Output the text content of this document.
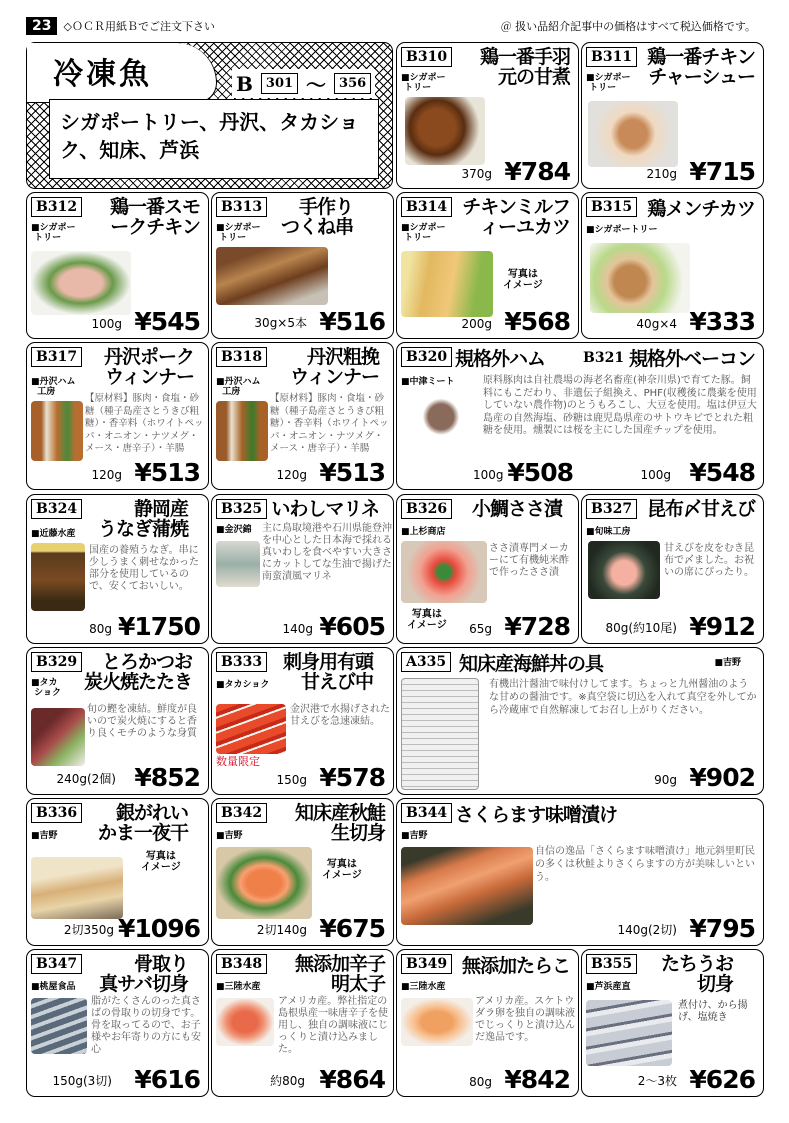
23	◇ＯＣＲ用紙Ｂでご注文下さい	＠ 扱い品紹介記事中の価格はすべて税込価格です。
冷凍魚	B	301 〜	356
シガポートリー、丹沢、タカショク、知床、芦浜
B310 鶏一番手羽
元の甘煮
■シガポー
トリー
370g ¥784
B311 鶏一番チキン
チャーシュー
■シガポー
トリー
210g ¥715
B312 鶏一番スモ
ークチキン
■シガポー
トリー
100g ¥545
B313	手作り
つくね串
■シガポー
トリー
30g×5本 ¥516
B314 チキンミルフ
ィーユカツ
■シガポー
トリー
写真は
イメージ
200g ¥568
B315 鶏メンチカツ
■シガポートリー
40g×4 ¥333
B317 丹沢ポーク
ウィンナー
■丹沢ハム
工房
【原材料】豚肉・食塩・砂糖（種子島産さとうきび粗糖）・香辛料（ホワイトペッパ・オニオン・ナツメグ・メース・唐辛子）・羊腸
120g ¥513
B318	丹沢粗挽
ウィンナー
■丹沢ハム
工房
【原材料】豚肉・食塩・砂糖（種子島産さとうきび粗糖）・香辛料（ホワイトペッパ・オニオン・ナツメグ・メース・唐辛子）・羊腸
120g ¥513
B320 規格外ハム	B321 規格外ベーコン
■中津ミート	原料豚肉は自社農場の海老名畜産(神奈川県)で育てた豚。飼料にもこだわり、非遺伝子組換え、PHF(収穫後に農薬を使用していない農作物)のとうもろこし、大豆を使用。塩は伊豆大島産の自然海塩、砂糖は鹿児島県産のサトウキビでとれた粗糖を使用。燻製には桜を主にした国産チップを使用。
100g ¥508	100g ¥548
B324	静岡産
うなぎ蒲焼
■近藤水産
国産の養殖うなぎ。串に少しうまく刺せなかった部分を使用しているので、安くておいしい。
80g ¥1750
B325 いわしマリネ
■金沢錦 主に鳥取境港や石川県能登沖を中心とした日本海で採れる真いわしを食べやすい大きさにカットしてな生油で揚げた南蛮漬風マリネ
140g ¥605
B326 小鯛ささ漬
■上杉商店
ささ漬専門メーカーにて有機純米酢で作ったささ漬
写真は
イメージ 65g ¥728
B327 昆布〆甘えび
■旬味工房
甘えびを皮をむき昆布で〆ました。お祝いの席にぴったり。
80g(約10尾) ¥912
B329	とろかつお
炭火焼たたき
■タカ
ショク
旬の鰹を凍結。鮮度が良いので炭火焼にすると香り良くモチのような身質
240g(2個) ¥852
B333 刺身用有頭
甘えび中
■タカショク
金沢港で水揚げされた甘えびを急速凍結。
数量限定
150g ¥578
A335 知床産海鮮丼の具	■吉野
有機出汁醤油で味付けしてます。ちょっと九州醤油のような甘めの醤油です。※真空袋に切込を入れて真空を外してから冷蔵庫で自然解凍してお召し上がりください。
90g ¥902
B336	銀がれい
かま一夜干
■吉野
写真は
イメージ
2切350g ¥1096
B342 知床産秋鮭
生切身
■吉野
写真は
イメージ
2切140g ¥675
B344 さくらます味噌漬け
■吉野
自信の逸品「さくらます味噌漬け」地元斜里町民の多くは秋鮭よりさくらますの方が美味しいという。
140g(2切) ¥795
B347	骨取り
真サバ切身
■桃屋食品
脂がたくさんのった真さばの骨取りの切身です。骨を取ってるので、お子様やお年寄りの方にも安心
150g(3切) ¥616
B348 無添加辛子
明太子
■三陸水産
アメリカ産。弊社指定の島根県産一味唐辛子を使用し、独自の調味液にじっくりと漬け込みました。
約80g ¥864
B349 無添加たらこ
■三陸水産
アメリカ産。スケトウダラ卵を独自の調味液でじっくりと漬け込んだ逸品です。
80g ¥842
B355 たちうお
切身
■芦浜産直
煮付け、から揚げ、塩焼き
2〜3枚 ¥626
